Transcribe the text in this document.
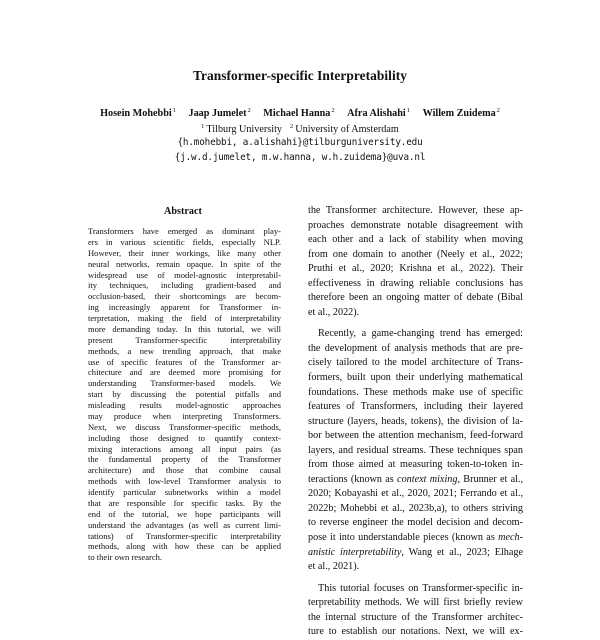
Transformer-specific Interpretability
Hosein Mohebbi$^1$ Jaap Jumelet$^2$ Michael Hanna$^2$ Afra Alishahi$^1$ Willem Zuidema$^2$
$^1$ Tilburg University $^2$ University of Amsterdam
{h.mohebbi, a.alishahi}@tilburguniversity.edu
{j.w.d.jumelet, m.w.hanna, w.h.zuidema}@uva.nl
Abstract
Transformers have emerged as dominant play-
ers in various scientific fields, especially NLP.
However, their inner workings, like many other
neural networks, remain opaque. In spite of the
widespread use of model-agnostic interpretabil-
ity techniques, including gradient-based and
occlusion-based, their shortcomings are becom-
ing increasingly apparent for Transformer in-
terpretation, making the field of interpretability
more demanding today. In this tutorial, we will
present Transformer-specific interpretability
methods, a new trending approach, that make
use of specific features of the Transformer ar-
chitecture and are deemed more promising for
understanding Transformer-based models. We
start by discussing the potential pitfalls and
misleading results model-agnostic approaches
may produce when interpreting Transformers.
Next, we discuss Transformer-specific methods,
including those designed to quantify context-
mixing interactions among all input pairs (as
the fundamental property of the Transformer
architecture) and those that combine causal
methods with low-level Transformer analysis to
identify particular subnetworks within a model
that are responsible for specific tasks. By the
end of the tutorial, we hope participants will
understand the advantages (as well as current limi-
tations) of Transformer-specific interpretability
methods, along with how these can be applied
to their own research.
the Transformer architecture. However, these ap-
proaches demonstrate notable disagreement with
each other and a lack of stability when moving
from one domain to another (Neely et al., 2022;
Pruthi et al., 2020; Krishna et al., 2022). Their
effectiveness in drawing reliable conclusions has
therefore been an ongoing matter of debate (Bibal
et al., 2022).
Recently, a game-changing trend has emerged:
the development of analysis methods that are pre-
cisely tailored to the model architecture of Trans-
formers, built upon their underlying mathematical
foundations. These methods make use of specific
features of Transformers, including their layered
structure (layers, heads, tokens), the division of la-
bor between the attention mechanism, feed-forward
layers, and residual streams. These techniques span
from those aimed at measuring token-to-token in-
teractions (known as context mixing, Brunner et al.,
2020; Kobayashi et al., 2020, 2021; Ferrando et al.,
2022b; Mohebbi et al., 2023b,a), to others striving
to reverse engineer the model decision and decom-
pose it into understandable pieces (known as mech-
anistic interpretability, Wang et al., 2023; Elhage
et al., 2021).
This tutorial focuses on Transformer-specific in-
terpretability methods. We will first briefly review
the internal structure of the Transformer architec-
ture to establish our notations. Next, we will ex-
